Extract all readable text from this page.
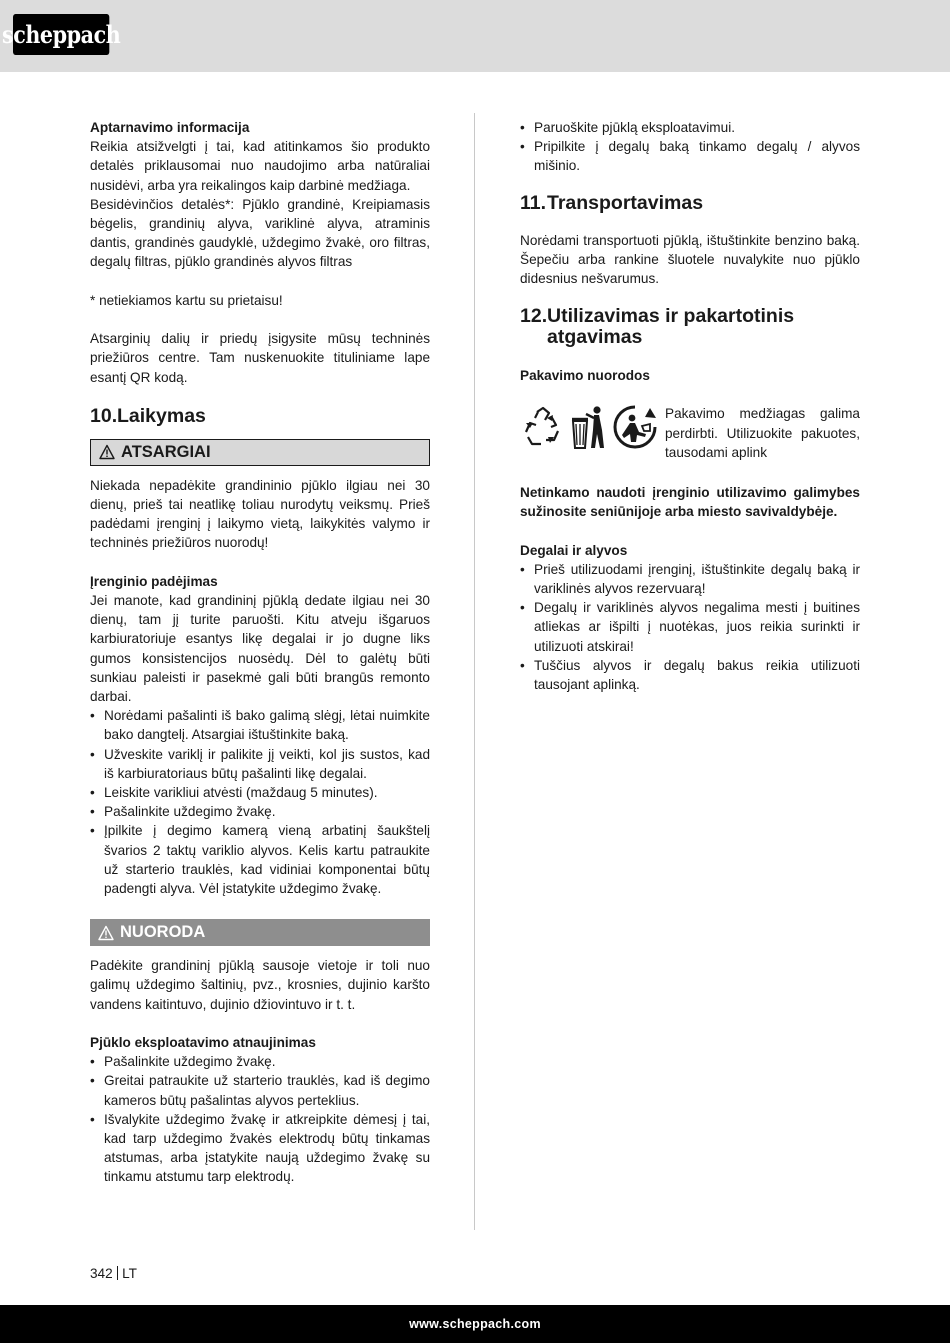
scheppach

Aptarnavimo informacija

Reikia atsižvelgti į tai, kad atitinkamos šio produkto detalės priklausomai nuo naudojimo arba natūraliai nusidėvi, arba yra reikalingos kaip darbinė medžiaga.

Besidėvinčios detalės*: Pjūklo grandinė, Kreipiamasis bėgelis, grandinių alyva, variklinė alyva, atraminis dantis, grandinės gaudyklė, uždegimo žvakė, oro filtras, degalų filtras, pjūklo grandinės alyvos filtras

* netiekiamos kartu su prietaisu!

Atsarginių dalių ir priedų įsigysite mūsų techninės priežiūros centre. Tam nuskenuokite tituliniame lape esantį QR kodą.

10. Laikymas
ATSARGIAI

Niekada nepadėkite grandininio pjūklo ilgiau nei 30 dienų, prieš tai neatlikę toliau nurodytų veiksmų. Prieš padėdami įrenginį į laikymo vietą, laikykitės valymo ir techninės priežiūros nuorodų!

Įrenginio padėjimas

Jei manote, kad grandininį pjūklą dedate ilgiau nei 30 dienų, tam jį turite paruošti. Kitu atveju išgaruos karbiuratoriuje esantys likę degalai ir jo dugne liks gumos konsistencijos nuosėdų. Dėl to galėtų būti sunkiau paleisti ir pasekmė gali būti brangūs remonto darbai.

• Norėdami pašalinti iš bako galimą slėgį, lėtai nuimkite bako dangtelį. Atsargiai ištuštinkite baką.
• Užveskite variklį ir palikite jį veikti, kol jis sustos, kad iš karbiuratoriaus būtų pašalinti likę degalai.
• Leiskite varikliui atvėsti (maždaug 5 minutes).
• Pašalinkite uždegimo žvakę.
• Įpilkite į degimo kamerą vieną arbatinį šaukštelį švarios 2 taktų variklio alyvos. Kelis kartu patraukite už starterio trauklės, kad vidiniai komponentai būtų padengti alyva. Vėl įstatykite uždegimo žvakę.
NUORODA

Padėkite grandininį pjūklą sausoje vietoje ir toli nuo galimų uždegimo šaltinių, pvz., krosnies, dujinio karšto vandens kaitintuvo, dujinio džiovintuvo ir t. t.

Pjūklo eksploatavimo atnaujinimas

• Pašalinkite uždegimo žvakę.
• Greitai patraukite už starterio trauklės, kad iš degimo kameros būtų pašalintas alyvos perteklius.
• Išvalykite uždegimo žvakę ir atkreipkite dėmesį į tai, kad tarp uždegimo žvakės elektrodų būtų tinkamas atstumas, arba įstatykite naują uždegimo žvakę su tinkamu atstumu tarp elektrodų.
• Paruoškite pjūklą eksploatavimui.
• Pripilkite į degalų baką tinkamo degalų / alyvos mišinio.
11. Transportavimas

Norėdami transportuoti pjūklą, ištuštinkite benzino baką. Šepečiu arba rankine šluotele nuvalykite nuo pjūklo didesnius nešvarumus.

12. Utilizavimas ir pakartotinis atgavimas

Pakavimo nuorodos

Pakavimo medžiagas galima perdirbti. Utilizuokite pakuotes, tausodami aplink

Netinkamo naudoti įrenginio utilizavimo galimybes sužinosite seniūnijoje arba miesto savivaldybėje.

Degalai ir alyvos

• Prieš utilizuodami įrenginį, ištuštinkite degalų baką ir variklinės alyvos rezervuarą!
• Degalų ir variklinės alyvos negalima mesti į buitines atliekas ar išpilti į nuotėkas, juos reikia surinkti ir utilizuoti atskirai!
• Tuščius alyvos ir degalų bakus reikia utilizuoti tausojant aplinką.
342 LT
www.scheppach.com
